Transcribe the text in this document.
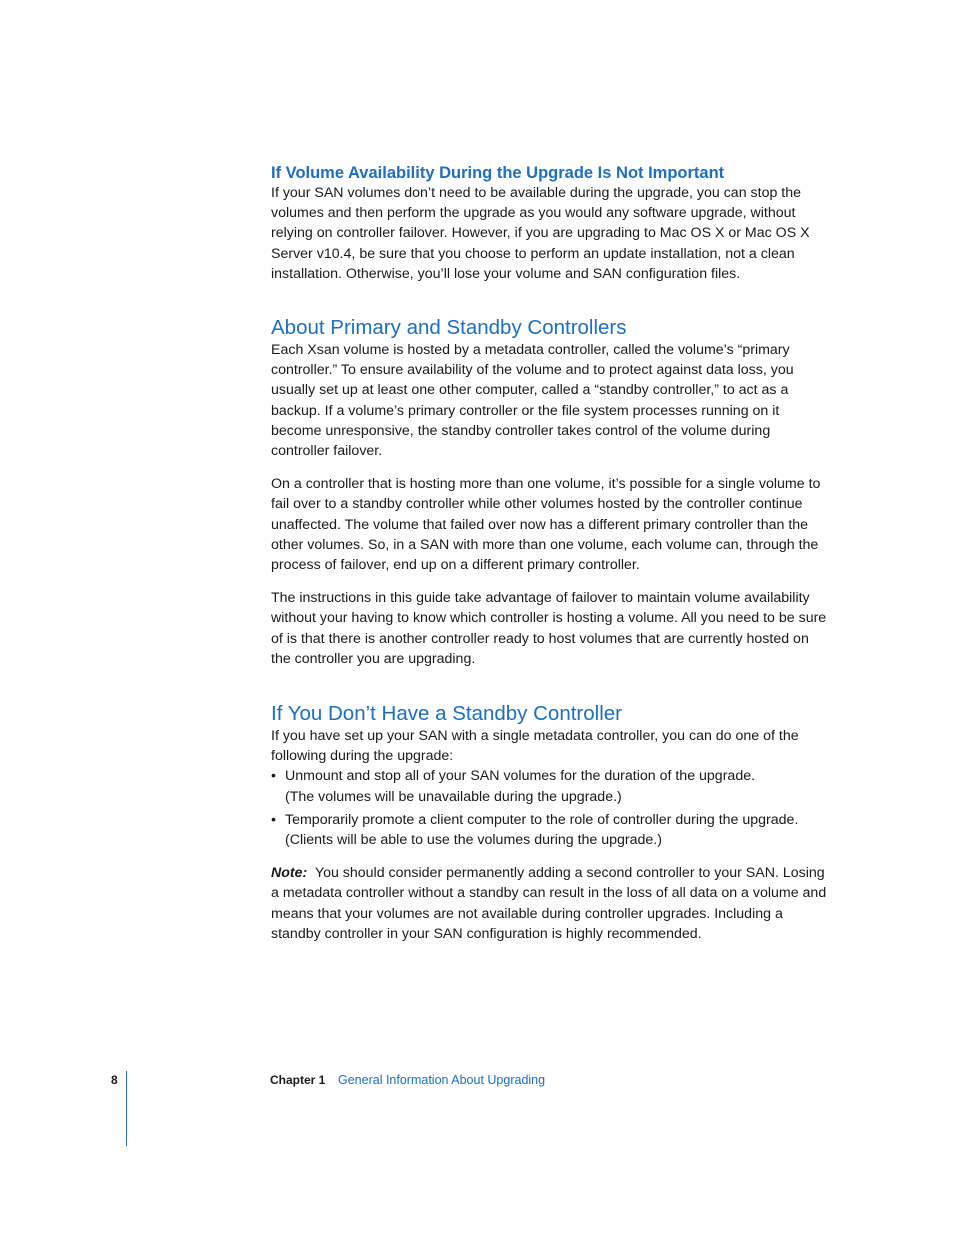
If Volume Availability During the Upgrade Is Not Important

If your SAN volumes don’t need to be available during the upgrade, you can stop the volumes and then perform the upgrade as you would any software upgrade, without relying on controller failover. However, if you are upgrading to Mac OS X or Mac OS X Server v10.4, be sure that you choose to perform an update installation, not a clean installation. Otherwise, you’ll lose your volume and SAN configuration files.

About Primary and Standby Controllers

Each Xsan volume is hosted by a metadata controller, called the volume’s “primary controller.” To ensure availability of the volume and to protect against data loss, you usually set up at least one other computer, called a “standby controller,” to act as a backup. If a volume’s primary controller or the file system processes running on it become unresponsive, the standby controller takes control of the volume during controller failover.

On a controller that is hosting more than one volume, it’s possible for a single volume to fail over to a standby controller while other volumes hosted by the controller continue unaffected. The volume that failed over now has a different primary controller than the other volumes. So, in a SAN with more than one volume, each volume can, through the process of failover, end up on a different primary controller.

The instructions in this guide take advantage of failover to maintain volume availability without your having to know which controller is hosting a volume. All you need to be sure of is that there is another controller ready to host volumes that are currently hosted on the controller you are upgrading.

If You Don’t Have a Standby Controller

If you have set up your SAN with a single metadata controller, you can do one of the following during the upgrade:

• Unmount and stop all of your SAN volumes for the duration of the upgrade.
(The volumes will be unavailable during the upgrade.)
• Temporarily promote a client computer to the role of controller during the upgrade.
(Clients will be able to use the volumes during the upgrade.)

Note: You should consider permanently adding a second controller to your SAN. Losing a metadata controller without a standby can result in the loss of all data on a volume and means that your volumes are not available during controller upgrades. Including a standby controller in your SAN configuration is highly recommended.

8	Chapter 1 General Information About Upgrading
